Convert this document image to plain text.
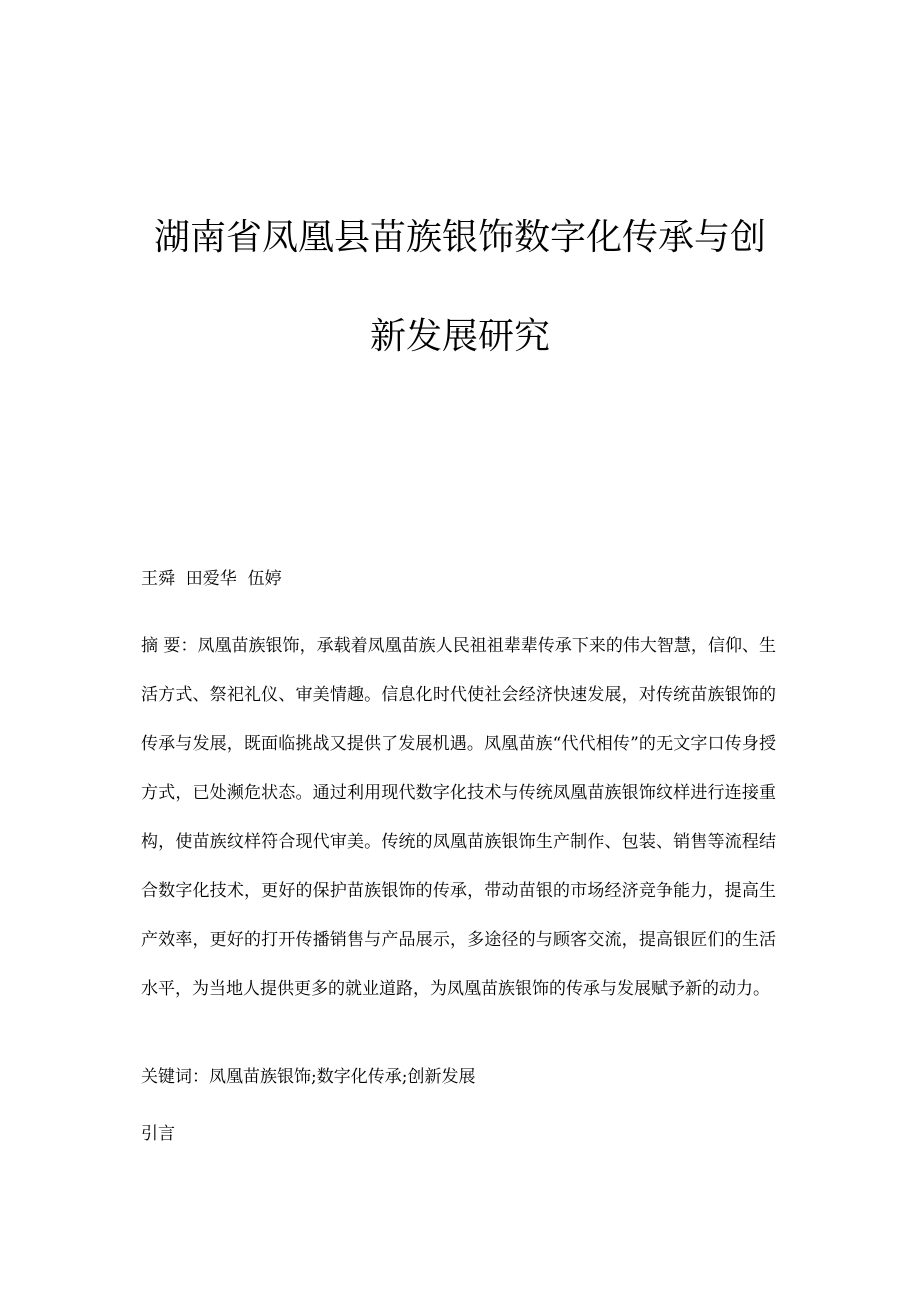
湖南省凤凰县苗族银饰数字化传承与创
新发展研究
王舜  田爱华  伍婷

摘 要：凤凰苗族银饰，承载着凤凰苗族人民祖祖辈辈传承下来的伟大智慧，信仰、生活方式、祭祀礼仪、审美情趣。信息化时代使社会经济快速发展，对传统苗族银饰的传承与发展，既面临挑战又提供了发展机遇。凤凰苗族“代代相传”的无文字口传身授方式，已处濒危状态。通过利用现代数字化技术与传统凤凰苗族银饰纹样进行连接重构，使苗族纹样符合现代审美。传统的凤凰苗族银饰生产制作、包装、销售等流程结合数字化技术，更好的保护苗族银饰的传承，带动苗银的市场经济竞争能力，提高生产效率，更好的打开传播销售与产品展示，多途径的与顾客交流，提高银匠们的生活水平，为当地人提供更多的就业道路，为凤凰苗族银饰的传承与发展赋予新的动力。

关键词：凤凰苗族银饰;数字化传承;创新发展
引言
